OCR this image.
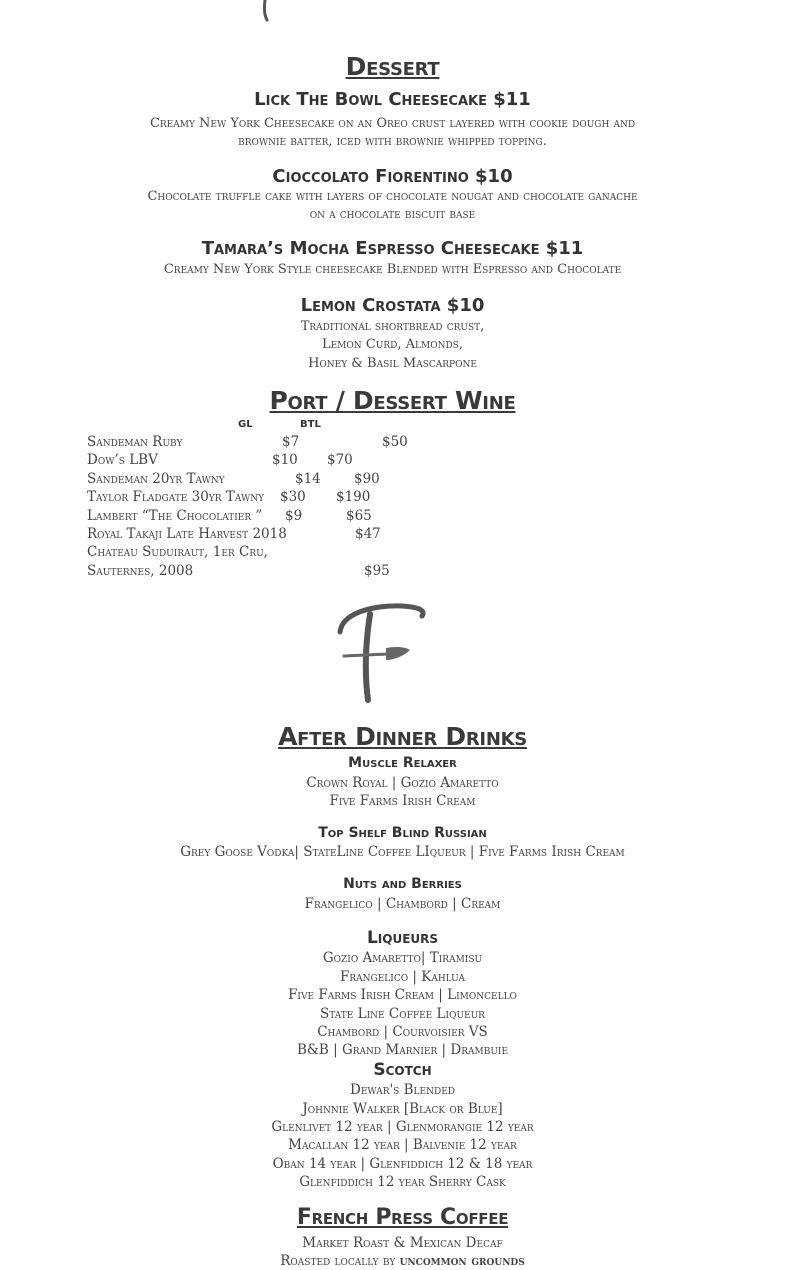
Dessert
Lick The Bowl Cheesecake $11
Creamy New York Cheesecake on an Oreo crust layered with cookie dough and
brownie batter, iced with brownie whipped topping.
Cioccolato Fiorentino $10
Chocolate truffle cake with layers of chocolate nougat and chocolate ganache
on a chocolate biscuit base
Tamara’s Mocha Espresso Cheesecake $11
Creamy New York Style cheesecake Blended with Espresso and Chocolate
Lemon Crostata $10
Traditional shortbread crust,
Lemon Curd, Almonds,
Honey & Basil Mascarpone
Port / Dessert Wine
GL	BTL
Sandeman Ruby	$7	$50
Dow’s LBV	$10 $70
Sandeman 20yr Tawny	$14 $90
Taylor Fladgate 30yr Tawny $30 $190
Lambert “The Chocolatier ” $9	$65
Royal Takaji Late Harvest 2018	$47
Chateau Suduiraut, 1er Cru,
Sauternes, 2008	$95
After Dinner Drinks
Muscle Relaxer
Crown Royal | Gozio Amaretto
Five Farms Irish Cream
Top Shelf Blind Russian
Grey Goose Vodka| StateLine Coffee LIqueur | Five Farms Irish Cream
Nuts and Berries
Frangelico | Chambord | Cream
Liqueurs
Gozio Amaretto| Tiramisu
Frangelico | Kahlua
Five Farms Irish Cream | Limoncello
State Line Coffee Liqueur
Chambord | Courvoisier VS
B&B | Grand Marnier | Drambuie
Scotch
Dewar's Blended
Johnnie Walker [Black or Blue]
Glenlivet 12 year | Glenmorangie 12 year
Macallan 12 year | Balvenie 12 year
Oban 14 year | Glenfiddich 12 & 18 year
Glenfiddich 12 year Sherry Cask
French Press Coffee
Market Roast & Mexican Decaf
Roasted locally by uncommon grounds
